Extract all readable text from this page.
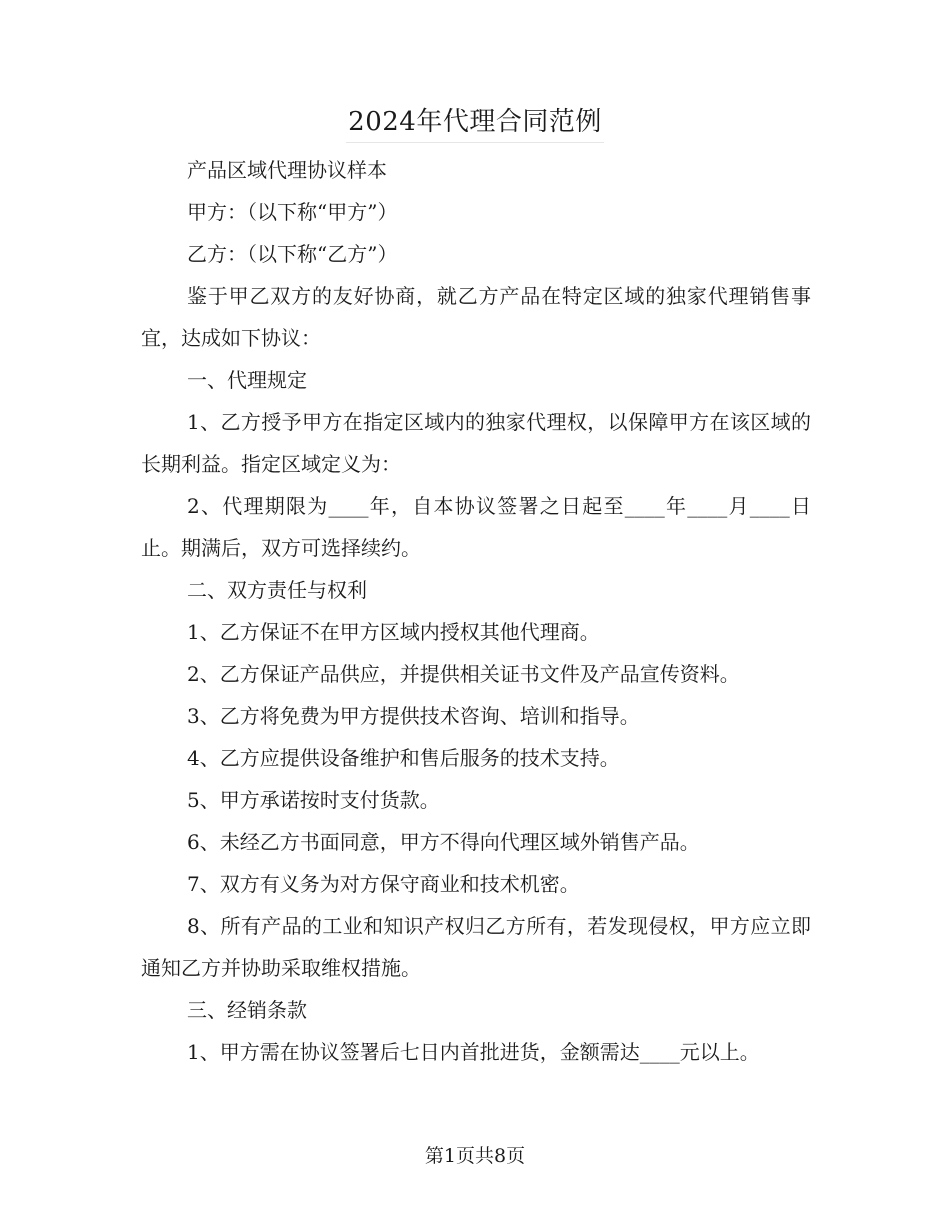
2024年代理合同范例

产品区域代理协议样本

甲方：（以下称“甲方”）

乙方：（以下称“乙方”）

鉴于甲乙双方的友好协商，就乙方产品在特定区域的独家代理销售事宜，达成如下协议：

一、代理规定

1、乙方授予甲方在指定区域内的独家代理权，以保障甲方在该区域的长期利益。指定区域定义为：

2、代理期限为____年，自本协议签署之日起至____年____月____日止。期满后，双方可选择续约。

二、双方责任与权利

1、乙方保证不在甲方区域内授权其他代理商。

2、乙方保证产品供应，并提供相关证书文件及产品宣传资料。

3、乙方将免费为甲方提供技术咨询、培训和指导。

4、乙方应提供设备维护和售后服务的技术支持。

5、甲方承诺按时支付货款。

6、未经乙方书面同意，甲方不得向代理区域外销售产品。

7、双方有义务为对方保守商业和技术机密。

8、所有产品的工业和知识产权归乙方所有，若发现侵权，甲方应立即通知乙方并协助采取维权措施。

三、经销条款

1、甲方需在协议签署后七日内首批进货，金额需达____元以上。

第1页共8页
